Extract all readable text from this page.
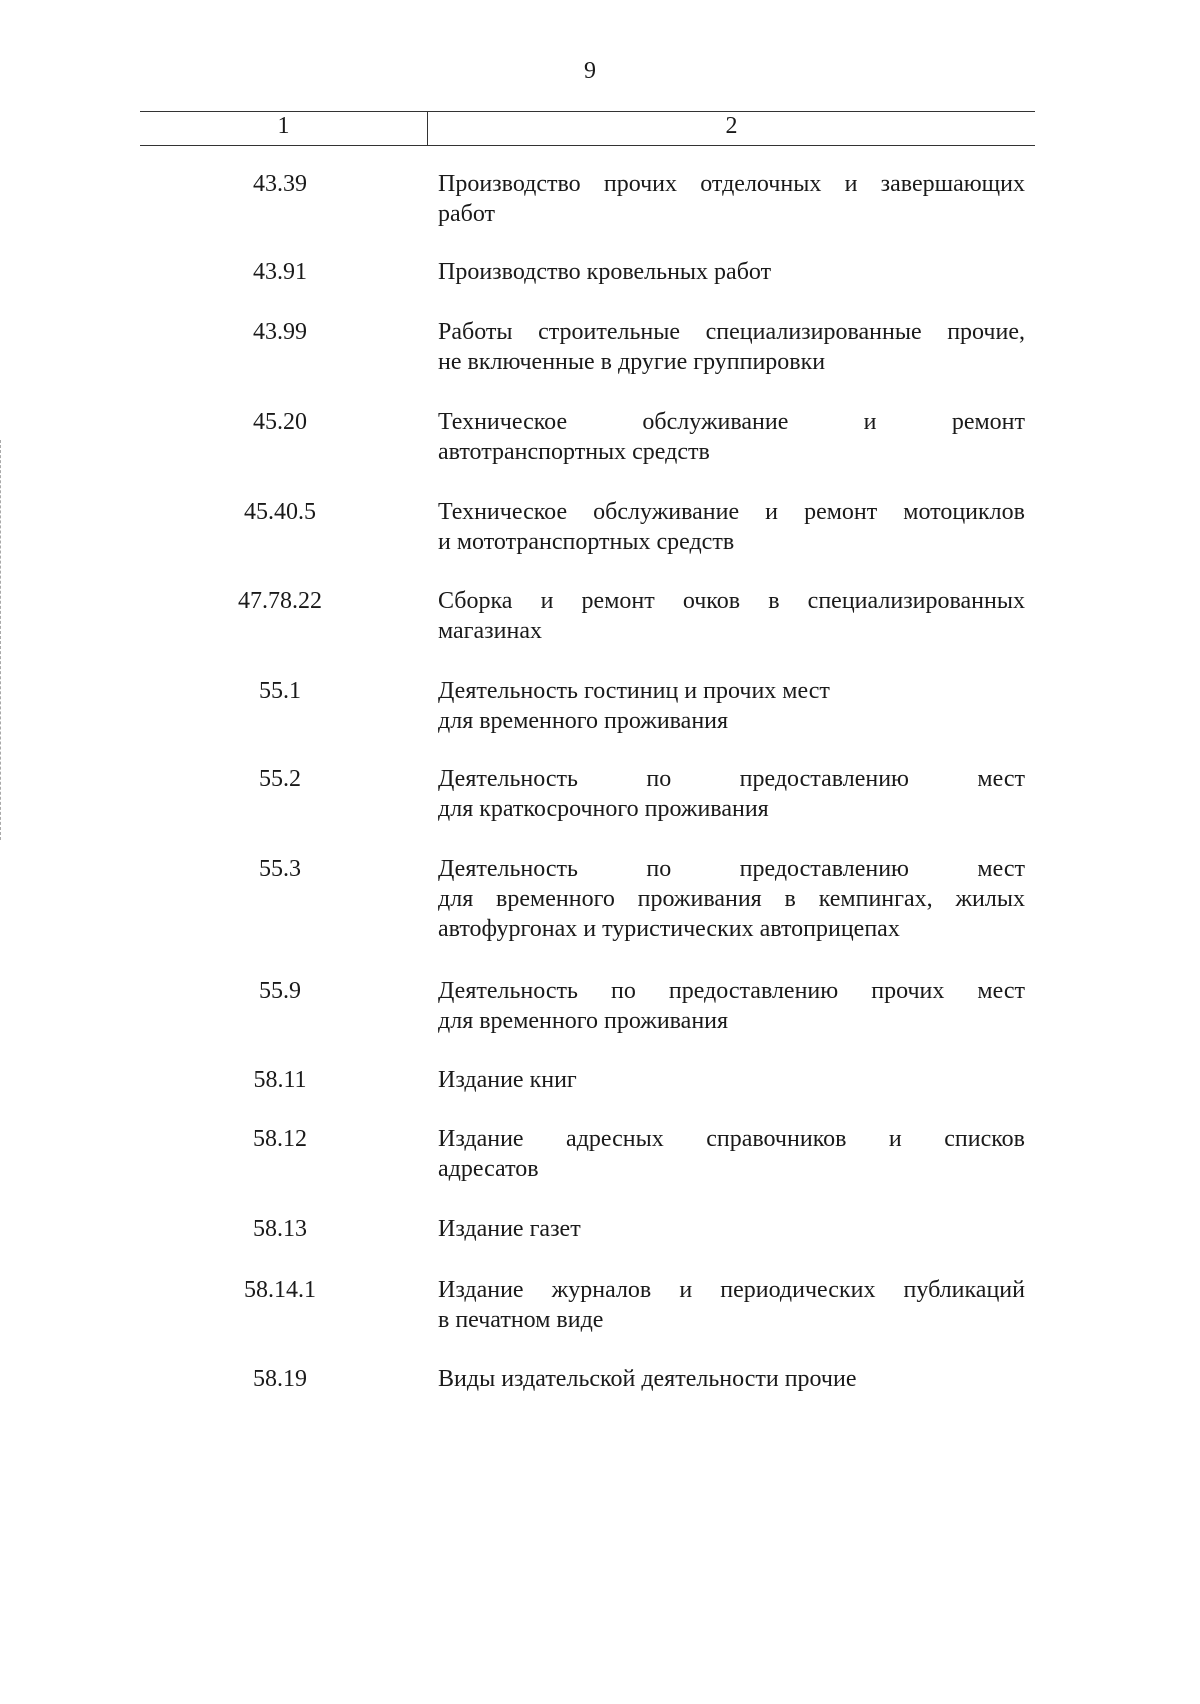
9
1	2
43.39	Производство прочих отделочных и завершающих
работ
43.91	Производство кровельных работ
43.99	Работы строительные специализированные прочие,
не включенные в другие группировки
45.20	Техническое обслуживание и ремонт
автотранспортных средств
45.40.5	Техническое обслуживание и ремонт мотоциклов
и мототранспортных средств
47.78.22	Сборка и ремонт очков в специализированных
магазинах
55.1	Деятельность гостиниц и прочих мест
для временного проживания
55.2	Деятельность по предоставлению мест
для краткосрочного проживания
55.3	Деятельность по предоставлению мест
для временного проживания в кемпингах, жилых
автофургонах и туристических автоприцепах
55.9	Деятельность по предоставлению прочих мест
для временного проживания
58.11	Издание книг
58.12	Издание адресных справочников и списков
адресатов
58.13	Издание газет
58.14.1	Издание журналов и периодических публикаций
в печатном виде
58.19	Виды издательской деятельности прочие
